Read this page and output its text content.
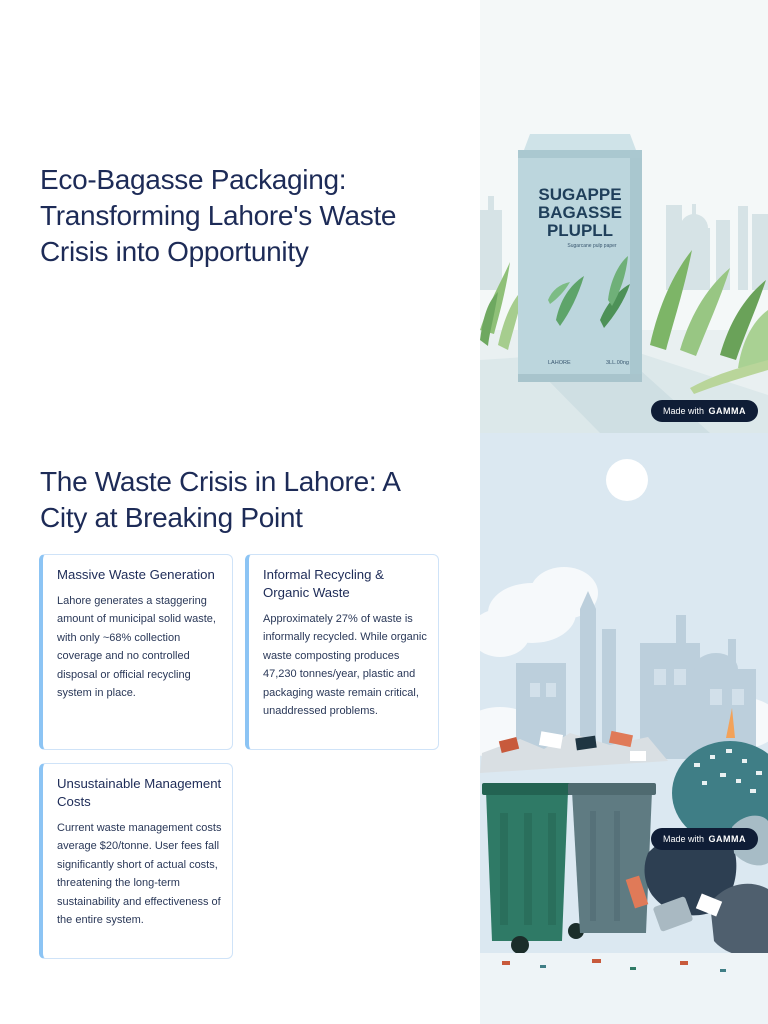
Eco-Bagasse Packaging: Transforming Lahore's Waste Crisis into Opportunity
SUGAPPE
BAGASSE
PLUPLL
Sugarcane pulp paper
LAHORE	3LL.00ng
Made with GAMMA
The Waste Crisis in Lahore: A City at Breaking Point
Massive Waste Generation

Lahore generates a staggering amount of municipal solid waste, with only ~68% collection coverage and no controlled disposal or official recycling system in place.

Informal Recycling & Organic Waste

Approximately 27% of waste is informally recycled. While organic waste composting produces 47,230 tonnes/year, plastic and packaging waste remain critical, unaddressed problems.

Unsustainable Management Costs

Current waste management costs average $20/tonne. User fees fall significantly short of actual costs, threatening the long-term sustainability and effectiveness of the entire system.

Made with GAMMA
